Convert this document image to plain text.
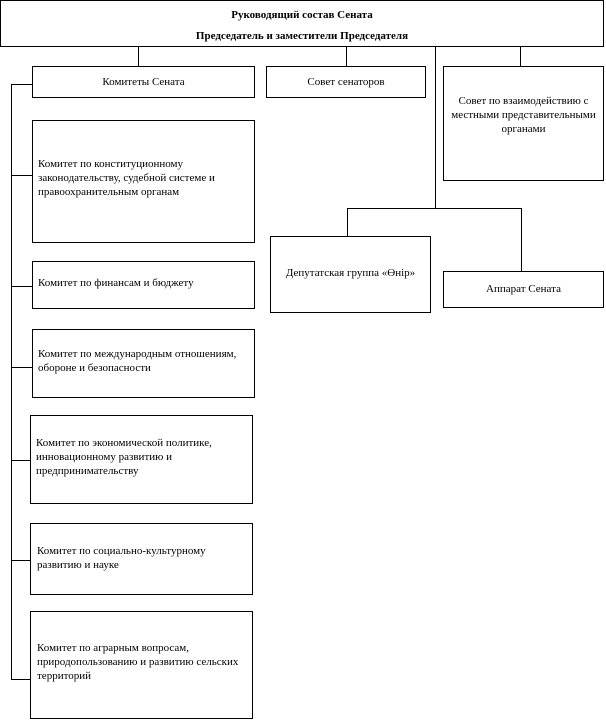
Руководящий состав Сената
Председатель и заместители Председателя
Комитеты Сената	Совет сенаторов
Совет по взаимодействию с местными представительными органами
Депутатская группа «Өнір»
Аппарат Сената
Комитет по конституционному законодательству, судебной системе и правоохранительным органам
Комитет по финансам и бюджету
Комитет по международным отношениям, обороне и безопасности
Комитет по экономической политике, инновационному развитию и предпринимательству
Комитет по социально-культурному развитию и науке
Комитет по аграрным вопросам, природопользованию и развитию сельских территорий
